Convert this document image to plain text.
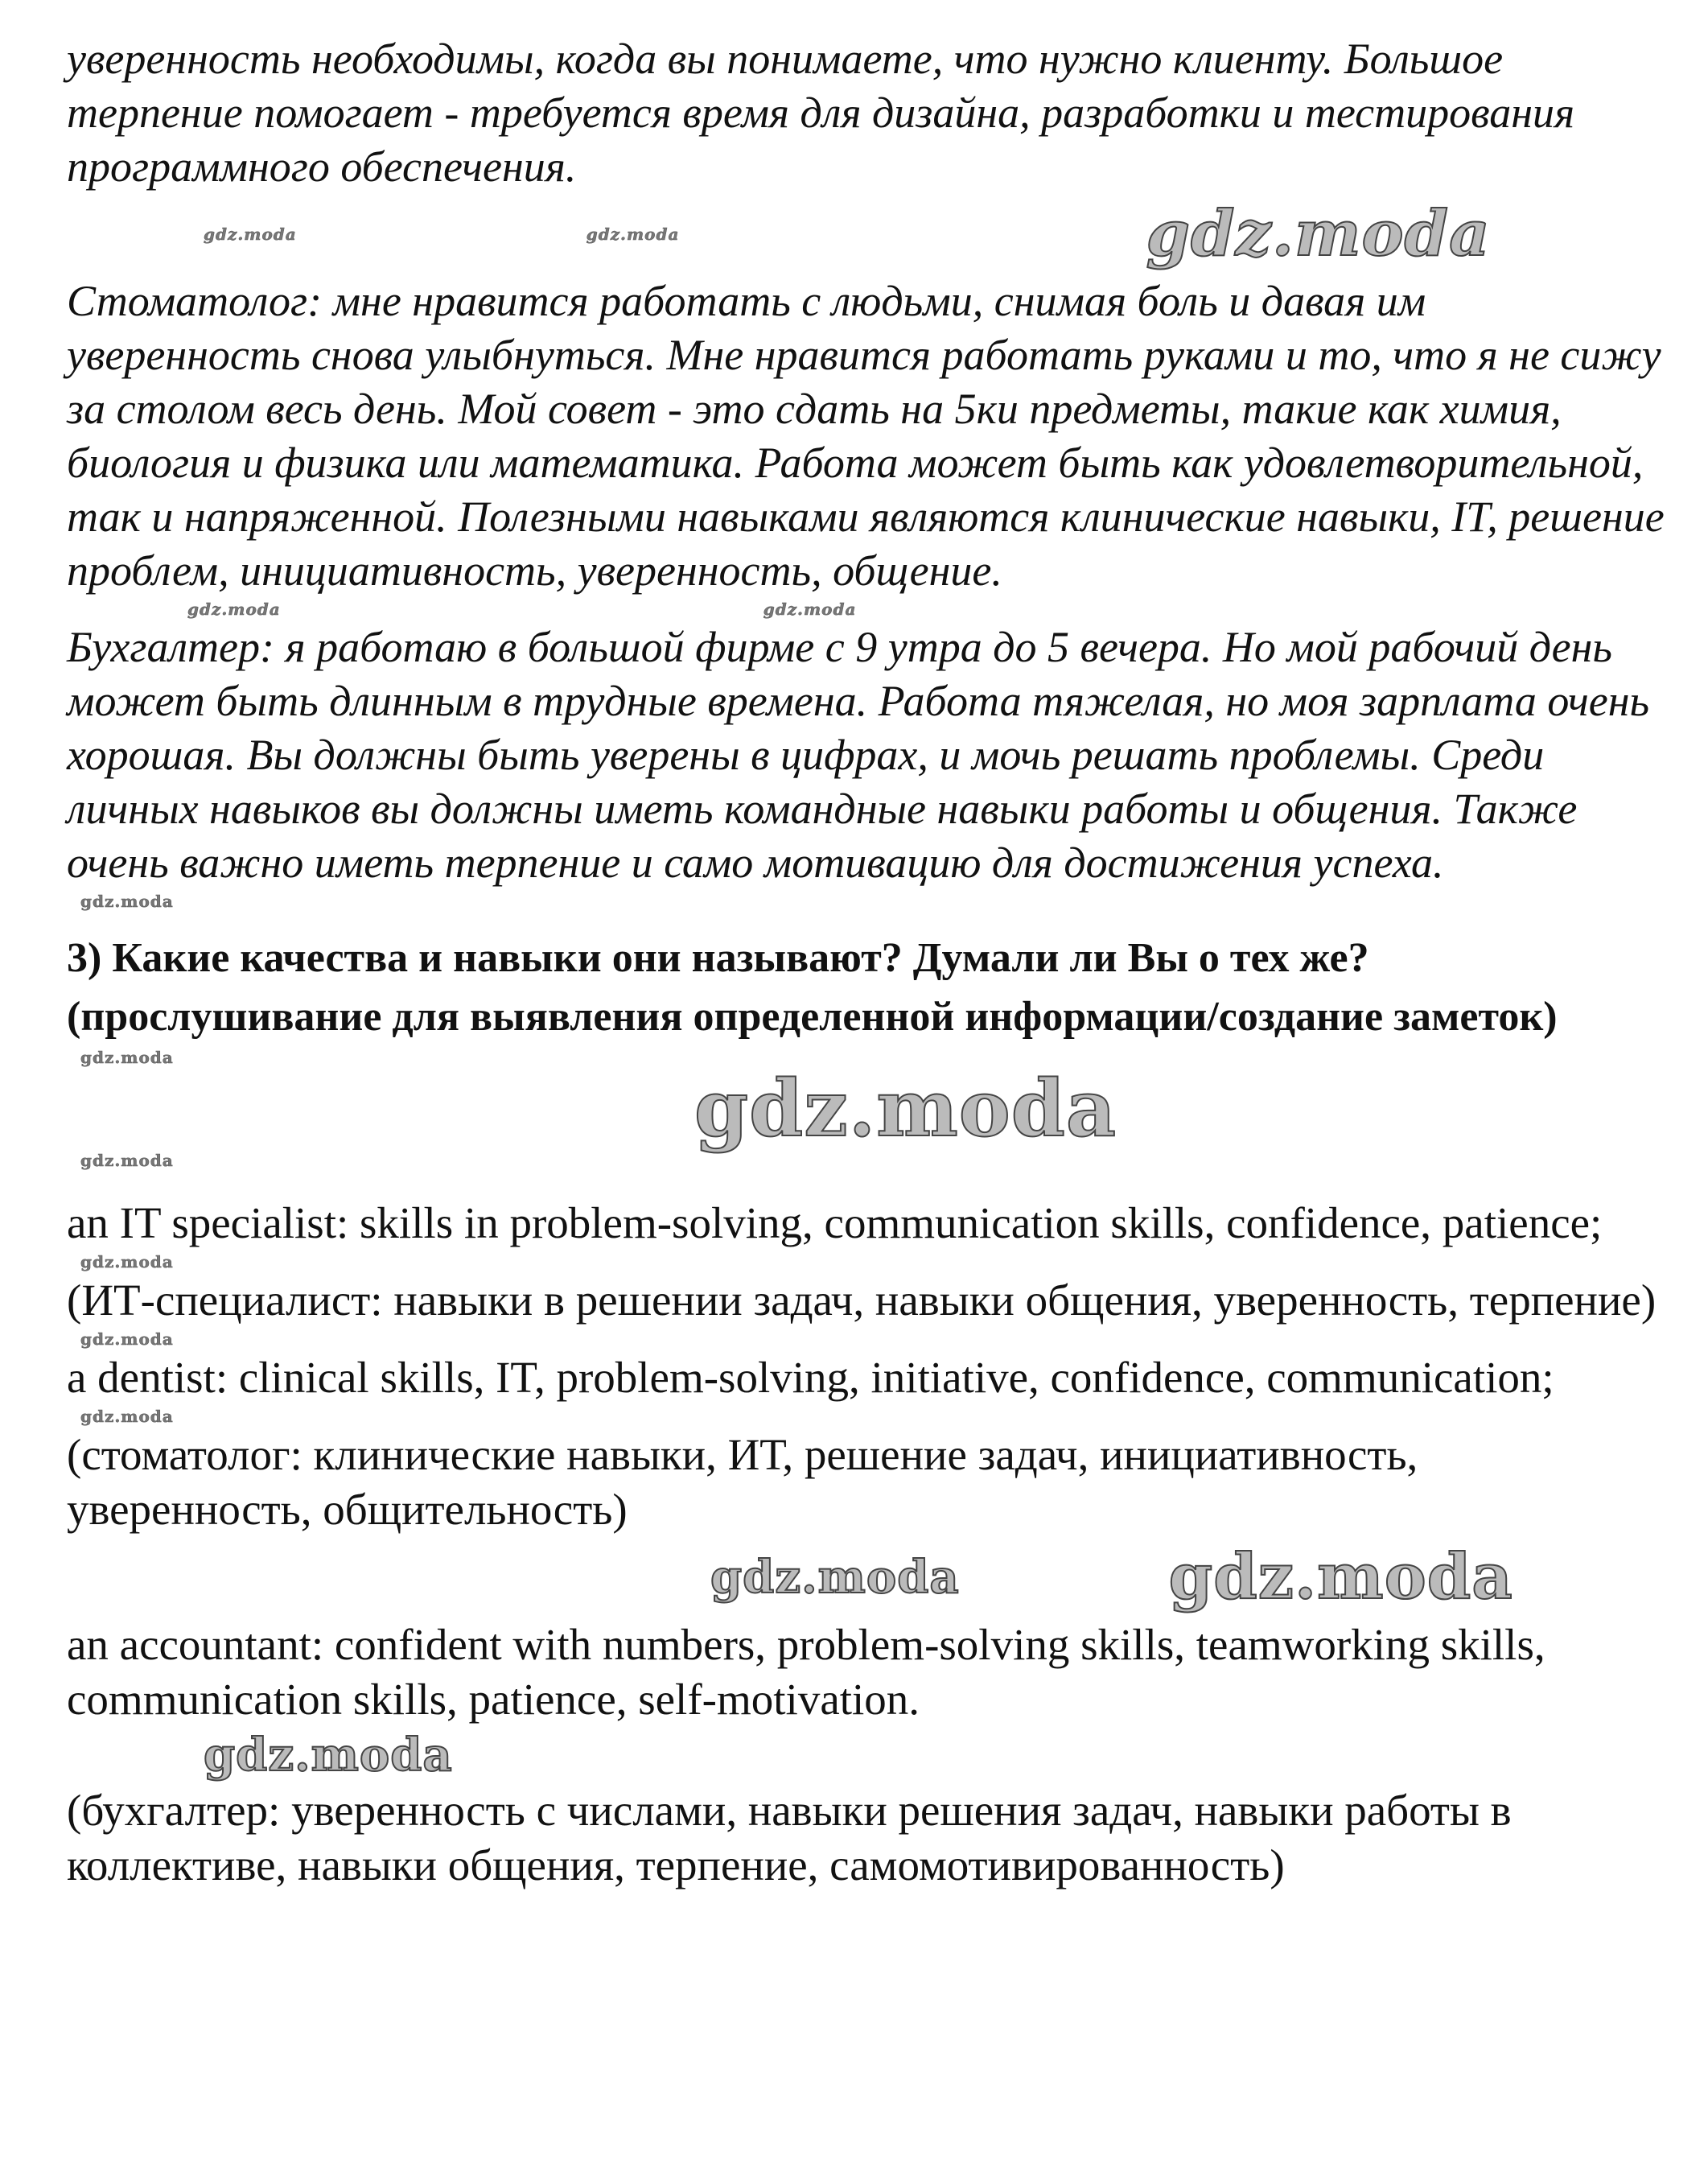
уверенность необходимы, когда вы понимаете, что нужно клиенту. Большое терпение помогает - требуется время для дизайна, разработки и тестирования программного обеспечения.

gdz.moda	gdz.moda	gdz.moda

Стоматолог: мне нравится работать с людьми, снимая боль и давая им уверенность снова улыбнуться. Мне нравится работать руками и то, что я не сижу за столом весь день. Мой совет - это сдать на 5ки предметы, такие как химия, биология и физика или математика. Работа может быть как удовлетворительной, так и напряженной. Полезными навыками являются клинические навыки, IT, решение проблем, инициативность, уверенность, общение.

gdz.moda	gdz.moda

Бухгалтер: я работаю в большой фирме с 9 утра до 5 вечера. Но мой рабочий день может быть длинным в трудные времена. Работа тяжелая, но моя зарплата очень хорошая. Вы должны быть уверены в цифрах, и мочь решать проблемы. Среди личных навыков вы должны иметь командные навыки работы и общения. Также очень важно иметь терпение и само мотивацию для достижения успеха.

gdz.moda
3) Какие качества и навыки они называют? Думали ли Вы о тех же? (прослушивание для выявления определенной информации/создание заметок)
gdz.moda
gdz.moda
gdz.moda

an IT specialist: skills in problem-solving, communication skills, confidence, patience;

gdz.moda

(ИТ-специалист: навыки в решении задач, навыки общения, уверенность, терпение)

gdz.moda

a dentist: clinical skills, IT, problem-solving, initiative, confidence, communication;

gdz.moda

(стоматолог: клинические навыки, ИТ, решение задач, инициативность, уверенность, общительность)

gdz.moda	gdz.moda

an accountant: confident with numbers, problem-solving skills, teamworking skills, communication skills, patience, self-motivation.

gdz.moda

(бухгалтер: уверенность с числами, навыки решения задач, навыки работы в коллективе, навыки общения, терпение, самомотивированность)
